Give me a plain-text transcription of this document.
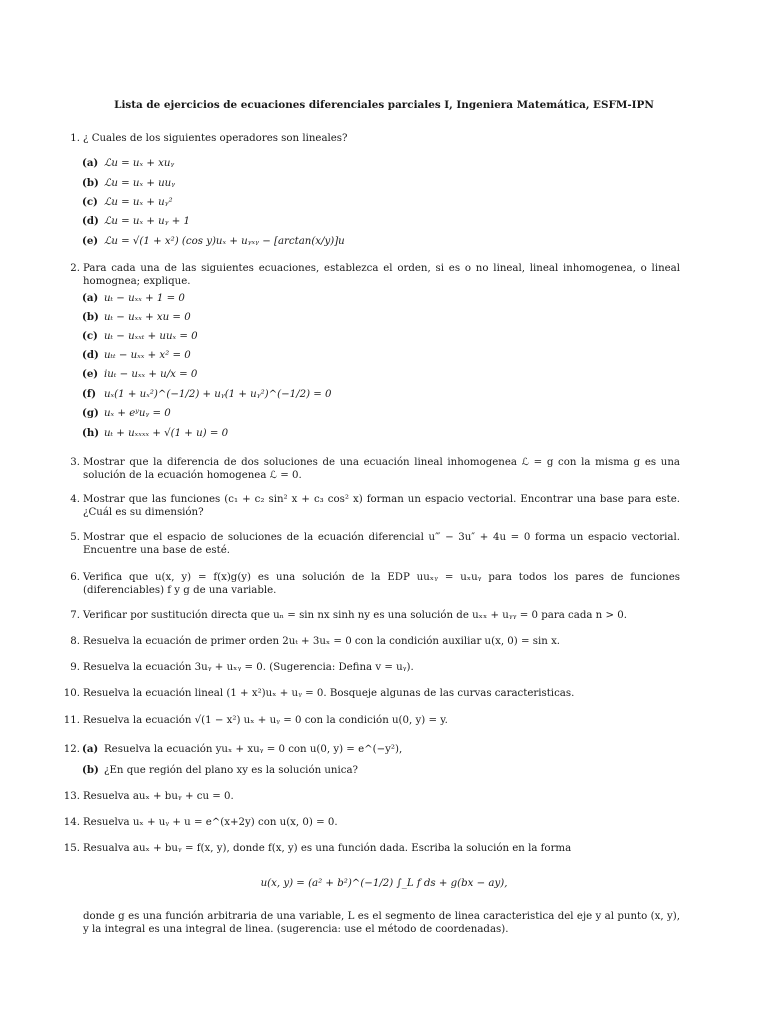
Lista de ejercicios de ecuaciones diferenciales parciales I, Ingeniera Matemática, ESFM-IPN
1. ¿ Cuales de los siguientes operadores son lineales?
(a) ℒu = uₓ + xuᵧ
(b) ℒu = uₓ + uuᵧ
(c) ℒu = uₓ + uᵧ²
(d) ℒu = uₓ + uᵧ + 1
(e) ℒu = √(1 + x²) (cos y)uₓ + uᵧₓᵧ − [arctan(x/y)]u
2. Para cada una de las siguientes ecuaciones, establezca el orden, si es o no lineal, lineal inhomogenea, o lineal homognea; explique.
(a) uₜ − uₓₓ + 1 = 0
(b) uₜ − uₓₓ + xu = 0
(c) uₜ − uₓₓₜ + uuₓ = 0
(d) uₜₜ − uₓₓ + x² = 0
(e) iuₜ − uₓₓ + u/x = 0
(f) uₓ(1 + uₓ²)^(−1/2) + uᵧ(1 + uᵧ²)^(−1/2) = 0
(g) uₓ + eʸuᵧ = 0
(h) uₜ + uₓₓₓₓ + √(1 + u) = 0
3. Mostrar que la diferencia de dos soluciones de una ecuación lineal inhomogenea ℒ = g con la misma g es una solución de la ecuación homogenea ℒ = 0.
4. Mostrar que las funciones (c₁ + c₂ sin² x + c₃ cos² x) forman un espacio vectorial. Encontrar una base para este. ¿Cuál es su dimensión?
5. Mostrar que el espacio de soluciones de la ecuación diferencial u‴ − 3u″ + 4u = 0 forma un espacio vectorial. Encuentre una base de esté.
6. Verifica que u(x, y) = f(x)g(y) es una solución de la EDP uuₓᵧ = uₓuᵧ para todos los pares de funciones (diferenciables) f y g de una variable.
7. Verificar por sustitución directa que uₙ = sin nx sinh ny es una solución de uₓₓ + uᵧᵧ = 0 para cada n > 0.
8. Resuelva la ecuación de primer orden 2uₜ + 3uₓ = 0 con la condición auxiliar u(x, 0) = sin x.
9. Resuelva la ecuación 3uᵧ + uₓᵧ = 0. (Sugerencia: Defina v = uᵧ).
10. Resuelva la ecuación lineal (1 + x²)uₓ + uᵧ = 0. Bosqueje algunas de las curvas caracteristicas.
11. Resuelva la ecuación √(1 − x²) uₓ + uᵧ = 0 con la condición u(0, y) = y.
12. (a) Resuelva la ecuación yuₓ + xuᵧ = 0 con u(0, y) = e^(−y²),
(b) ¿En que región del plano xy es la solución unica?
13. Resuelva auₓ + buᵧ + cu = 0.
14. Resuelva uₓ + uᵧ + u = e^(x+2y) con u(x, 0) = 0.
15. Resualva auₓ + buᵧ = f(x, y), donde f(x, y) es una función dada. Escriba la solución en la forma
u(x, y) = (a² + b²)^(−1/2) ∫_L f ds + g(bx − ay),
donde g es una función arbitraria de una variable, L es el segmento de linea caracteristica del eje y al punto (x, y), y la integral es una integral de linea. (sugerencia: use el método de coordenadas).
